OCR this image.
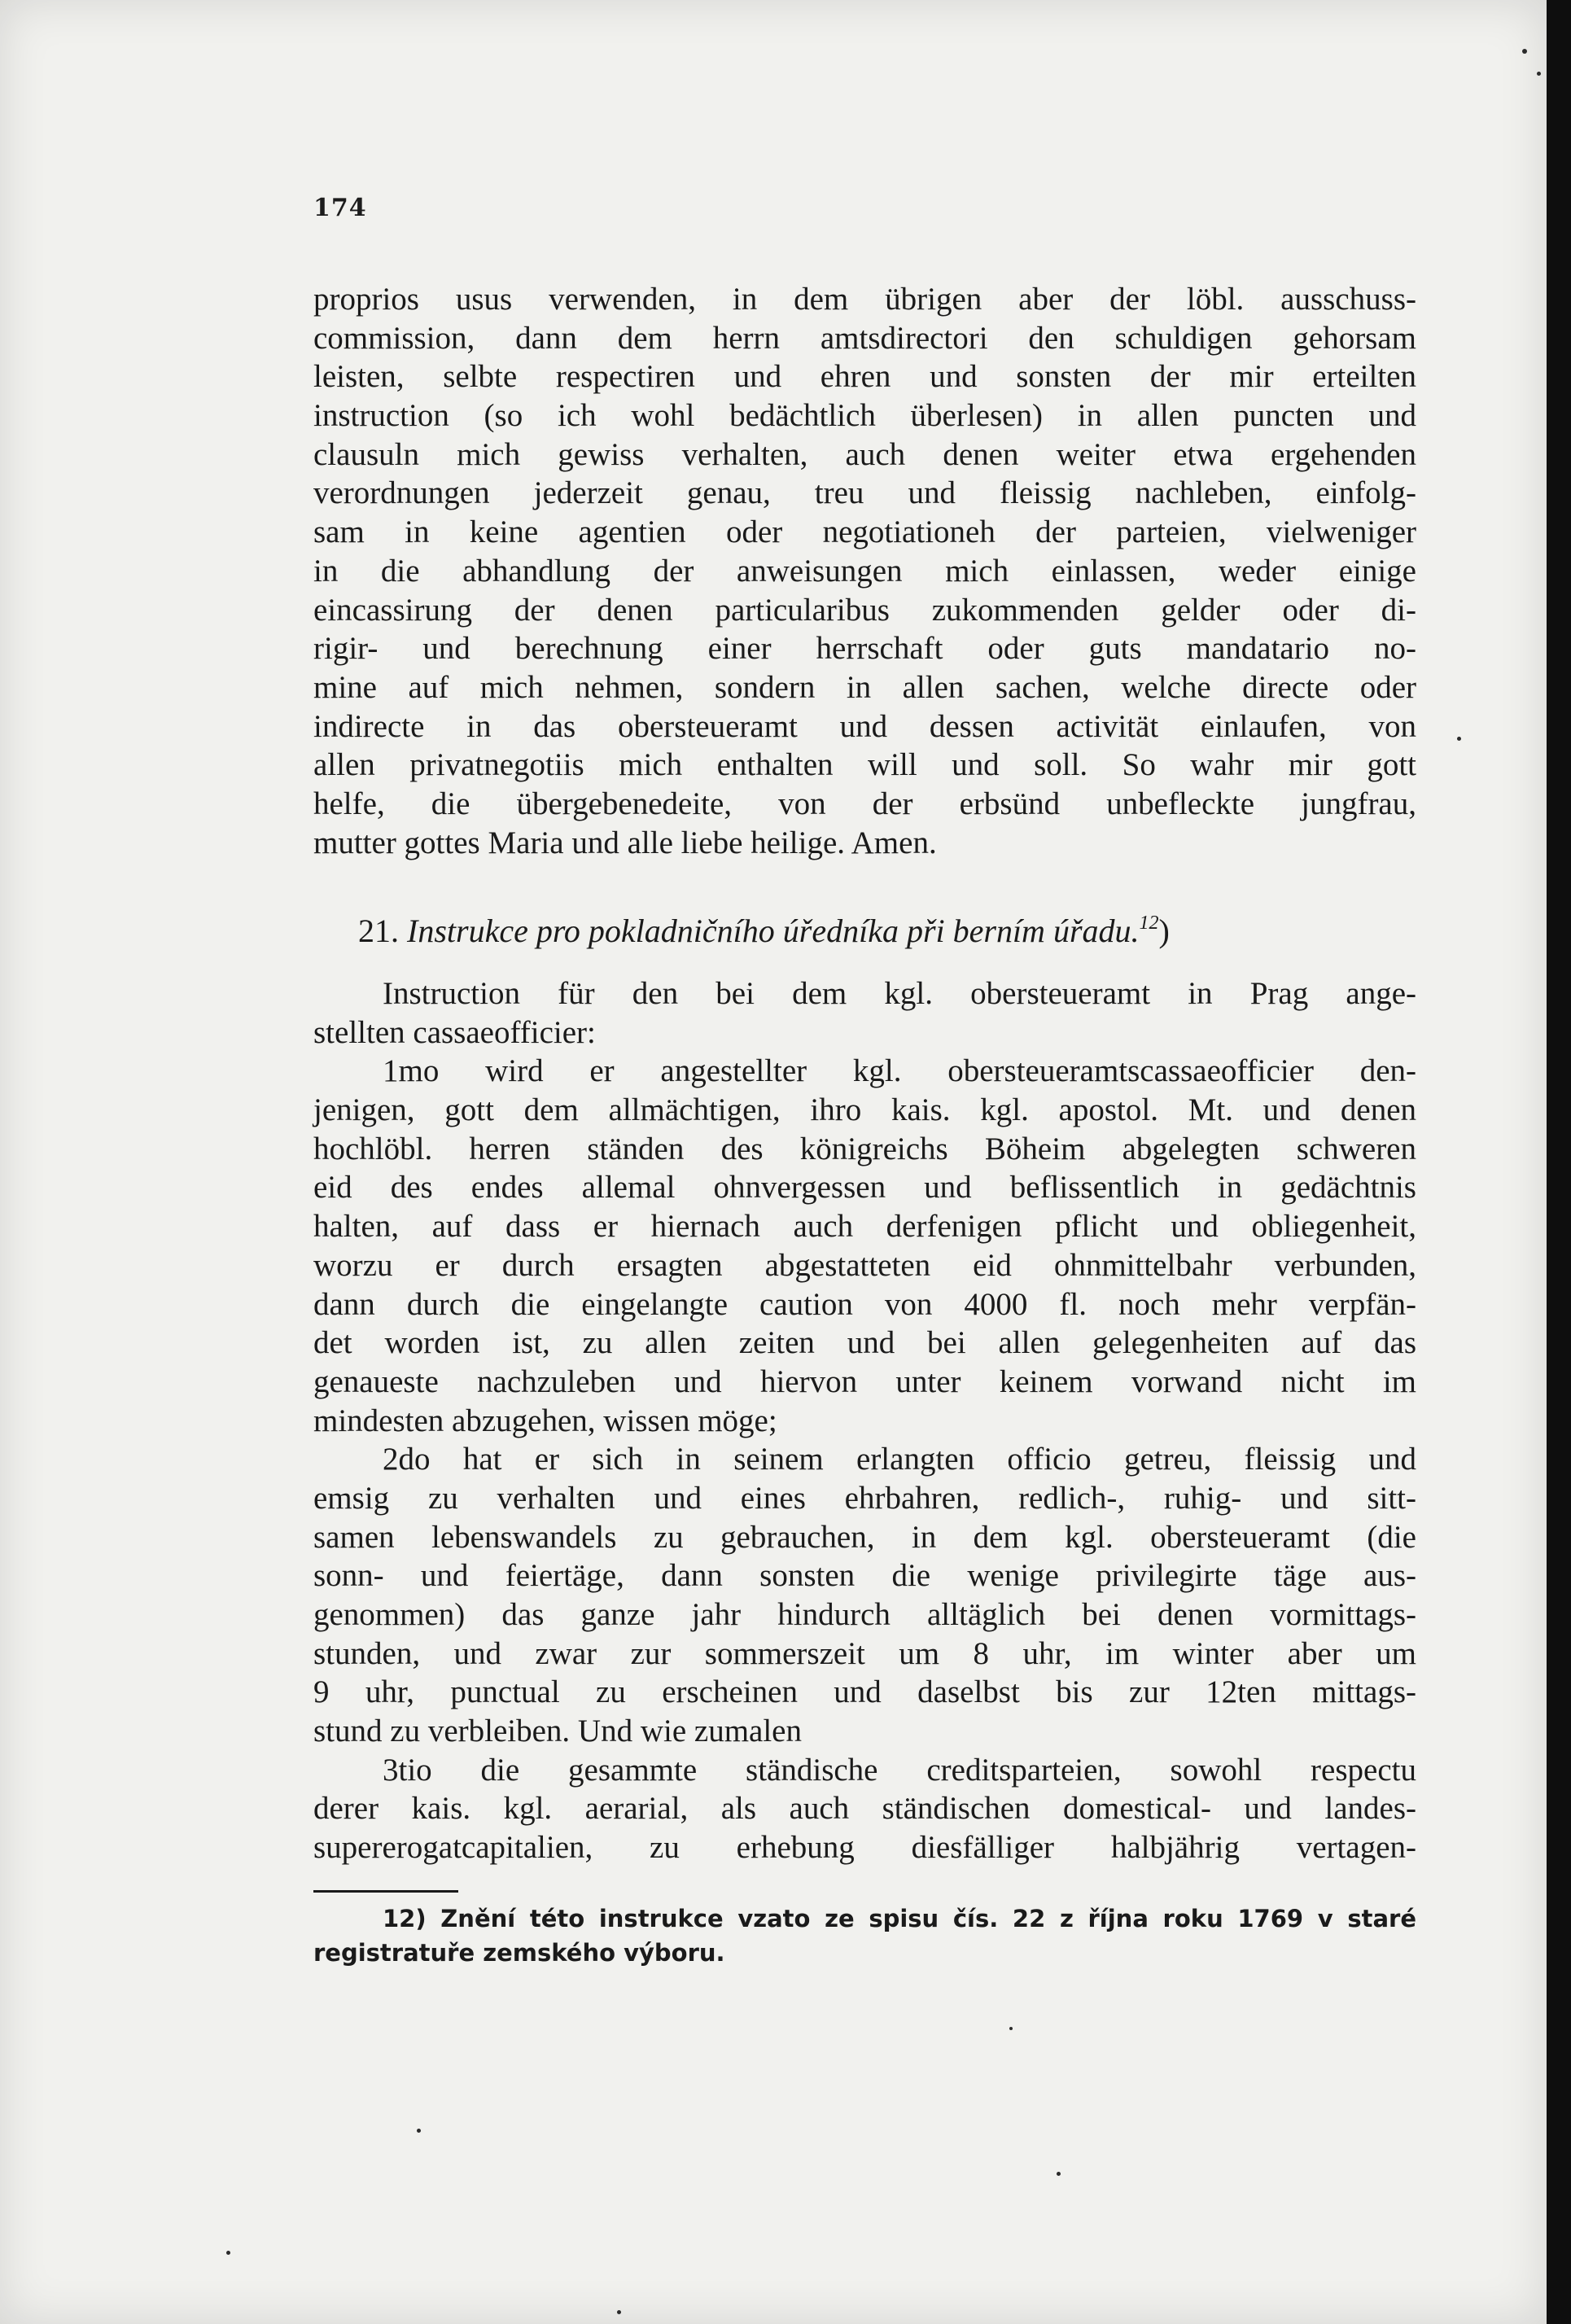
174
proprios usus verwenden, in dem übrigen aber der löbl. ausschuss-
commission, dann dem herrn amtsdirectori den schuldigen gehorsam
leisten, selbte respectiren und ehren und sonsten der mir erteilten
instruction (so ich wohl bedächtlich überlesen) in allen puncten und
clausuln mich gewiss verhalten, auch denen weiter etwa ergehenden
verordnungen jederzeit genau, treu und fleissig nachleben, einfolg-
sam in keine agentien oder negotiationeh der parteien, vielweniger
in die abhandlung der anweisungen mich einlassen, weder einige
eincassirung der denen particularibus zukommenden gelder oder di-
rigir- und berechnung einer herrschaft oder guts mandatario no-
mine auf mich nehmen, sondern in allen sachen, welche directe oder
indirecte in das obersteueramt und dessen activität einlaufen, von
allen privatnegotiis mich enthalten will und soll. So wahr mir gott
helfe, die übergebenedeite, von der erbsünd unbefleckte jungfrau,
mutter gottes Maria und alle liebe heilige. Amen.
21. Instrukce pro pokladničního úředníka při berním úřadu.$^{12}$)
Instruction für den bei dem kgl. obersteueramt in Prag ange-
stellten cassaeofficier:
1mo wird er angestellter kgl. obersteueramtscassaeofficier den-
jenigen, gott dem allmächtigen, ihro kais. kgl. apostol. Mt. und denen
hochlöbl. herren ständen des königreichs Böheim abgelegten schweren
eid des endes allemal ohnvergessen und beflissentlich in gedächtnis
halten, auf dass er hiernach auch derfenigen pflicht und obliegenheit,
worzu er durch ersagten abgestatteten eid ohnmittelbahr verbunden,
dann durch die eingelangte caution von 4000 fl. noch mehr verpfän-
det worden ist, zu allen zeiten und bei allen gelegenheiten auf das
genaueste nachzuleben und hiervon unter keinem vorwand nicht im
mindesten abzugehen, wissen möge;
2do hat er sich in seinem erlangten officio getreu, fleissig und
emsig zu verhalten und eines ehrbahren, redlich-, ruhig- und sitt-
samen lebenswandels zu gebrauchen, in dem kgl. obersteueramt (die
sonn- und feiertäge, dann sonsten die wenige privilegirte täge aus-
genommen) das ganze jahr hindurch alltäglich bei denen vormittags-
stunden, und zwar zur sommerszeit um 8 uhr, im winter aber um
9 uhr, punctual zu erscheinen und daselbst bis zur 12ten mittags-
stund zu verbleiben. Und wie zumalen
3tio die gesammte ständische creditsparteien, sowohl respectu
derer kais. kgl. aerarial, als auch ständischen domestical- und landes-
supererogatcapitalien, zu erhebung diesfälliger halbjährig vertagen-
12) Znění této instrukce vzato ze spisu čís. 22 z října roku 1769 v staré
registratuře zemského výboru.
